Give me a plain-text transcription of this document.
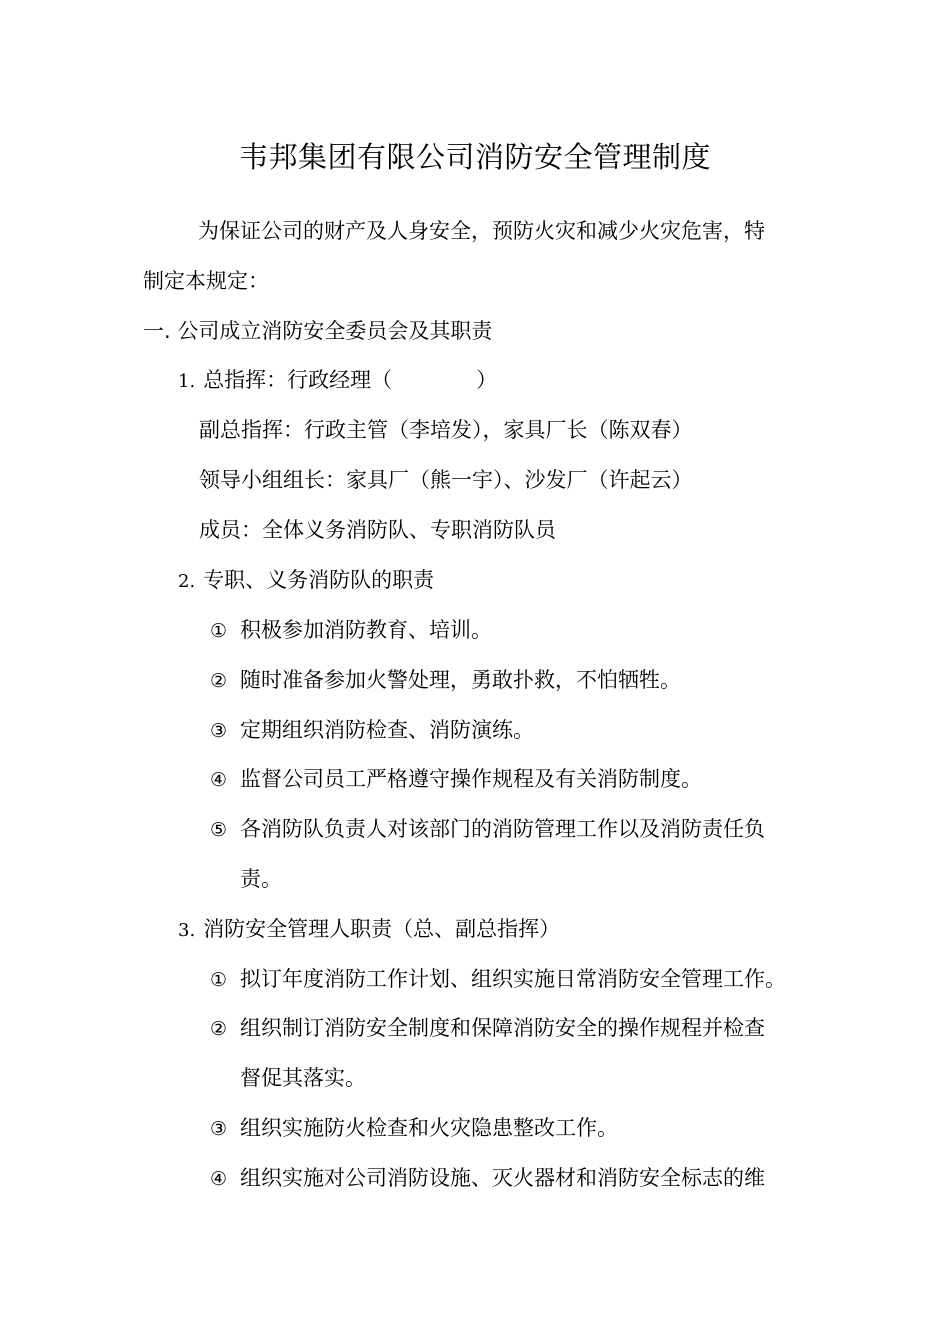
韦邦集团有限公司消防安全管理制度
为保证公司的财产及人身安全，预防火灾和减少火灾危害，特
制定本规定：
一. 公司成立消防安全委员会及其职责
1. 总指挥：行政经理（　　　　）
副总指挥：行政主管（李培发），家具厂长（陈双春）
领导小组组长：家具厂（熊一宇）、沙发厂（许起云）
成员：全体义务消防队、专职消防队员
2. 专职、义务消防队的职责
① 积极参加消防教育、培训。
② 随时准备参加火警处理，勇敢扑救，不怕牺牲。
③ 定期组织消防检查、消防演练。
④ 监督公司员工严格遵守操作规程及有关消防制度。
⑤ 各消防队负责人对该部门的消防管理工作以及消防责任负
责。
3. 消防安全管理人职责（总、副总指挥）
① 拟订年度消防工作计划、组织实施日常消防安全管理工作。
② 组织制订消防安全制度和保障消防安全的操作规程并检查
督促其落实。
③ 组织实施防火检查和火灾隐患整改工作。
④ 组织实施对公司消防设施、灭火器材和消防安全标志的维
